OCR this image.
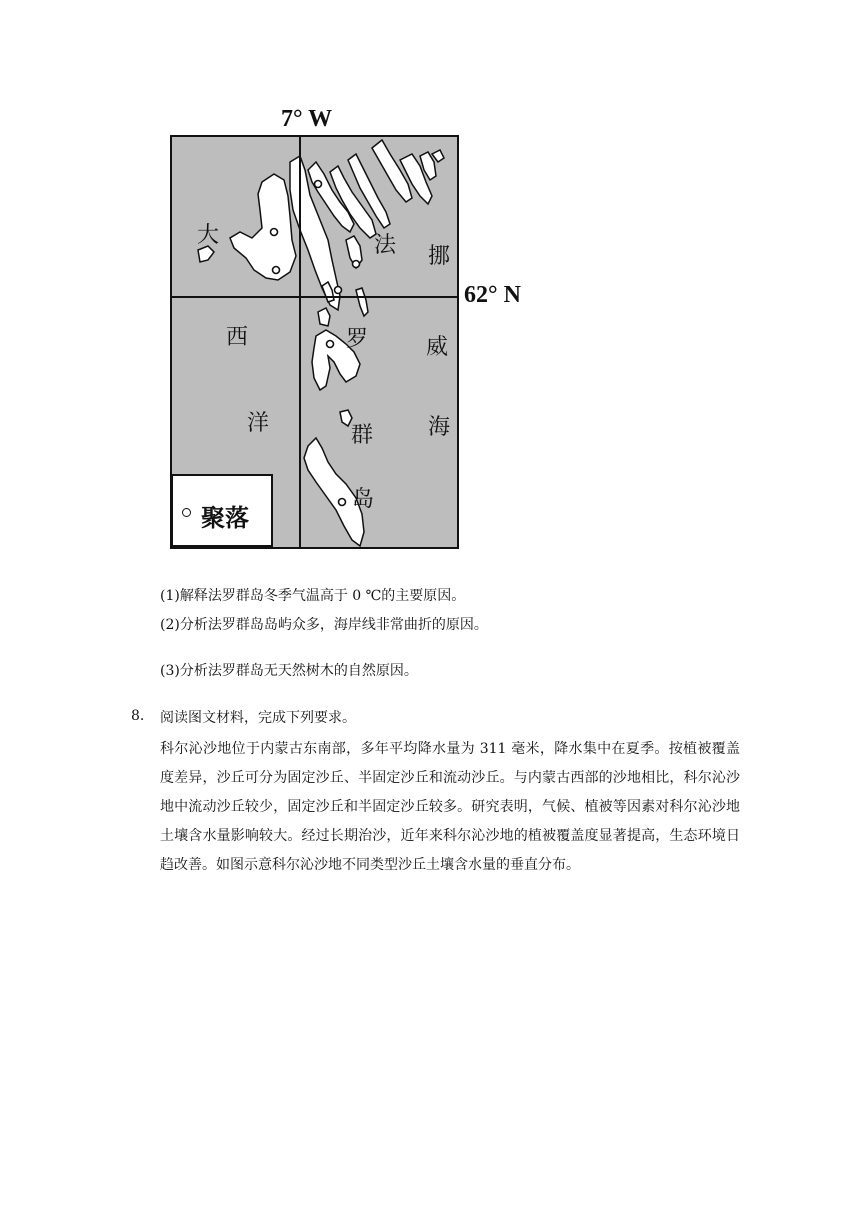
7° W
62° N
大
西
洋
法
罗
群
岛
挪
威
海
聚落
(1)解释法罗群岛冬季气温高于 0 ℃的主要原因。
(2)分析法罗群岛岛屿众多，海岸线非常曲折的原因。
(3)分析法罗群岛无天然树木的自然原因。
8. 阅读图文材料，完成下列要求。
科尔沁沙地位于内蒙古东南部，多年平均降水量为 311 毫米，降水集中在夏季。按植被覆盖度差异，沙丘可分为固定沙丘、半固定沙丘和流动沙丘。与内蒙古西部的沙地相比，科尔沁沙地中流动沙丘较少，固定沙丘和半固定沙丘较多。研究表明，气候、植被等因素对科尔沁沙地土壤含水量影响较大。经过长期治沙，近年来科尔沁沙地的植被覆盖度显著提高，生态环境日趋改善。如图示意科尔沁沙地不同类型沙丘土壤含水量的垂直分布。
